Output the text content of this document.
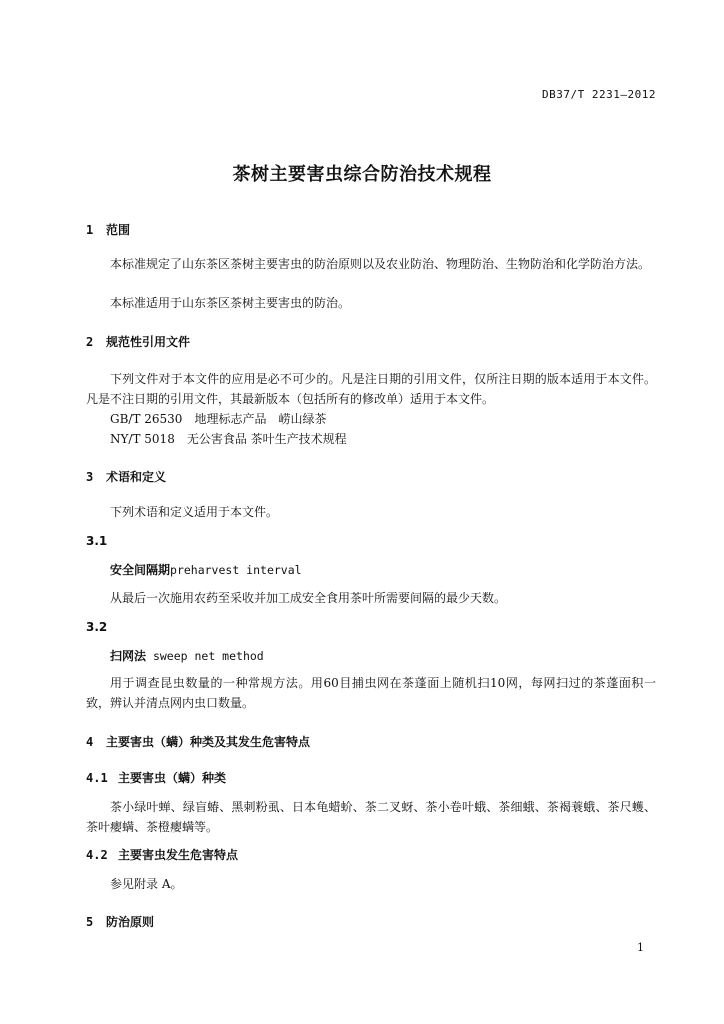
DB37/T 2231—2012
茶树主要害虫综合防治技术规程
1 范围
本标准规定了山东茶区茶树主要害虫的防治原则以及农业防治、物理防治、生物防治和化学防治方法。
本标准适用于山东茶区茶树主要害虫的防治。
2 规范性引用文件
下列文件对于本文件的应用是必不可少的。凡是注日期的引用文件，仅所注日期的版本适用于本文件。凡是不注日期的引用文件，其最新版本（包括所有的修改单）适用于本文件。
GB/T 26530　地理标志产品　崂山绿茶
NY/T 5018　无公害食品 茶叶生产技术规程
3 术语和定义
下列术语和定义适用于本文件。
3.1
安全间隔期preharvest interval
从最后一次施用农药至采收并加工成安全食用茶叶所需要间隔的最少天数。
3.2
扫网法 sweep net method
用于调查昆虫数量的一种常规方法。用60目捕虫网在茶蓬面上随机扫10网，每网扫过的茶蓬面积一致，辨认并清点网内虫口数量。
4 主要害虫（螨）种类及其发生危害特点
4.1 主要害虫（螨）种类
茶小绿叶蝉、绿盲蝽、黑刺粉虱、日本龟蜡蚧、茶二叉蚜、茶小卷叶蛾、茶细蛾、茶褐蓑蛾、茶尺蠖、茶叶瘿螨、茶橙瘿螨等。
4.2 主要害虫发生危害特点
参见附录 A。
5 防治原则
1
